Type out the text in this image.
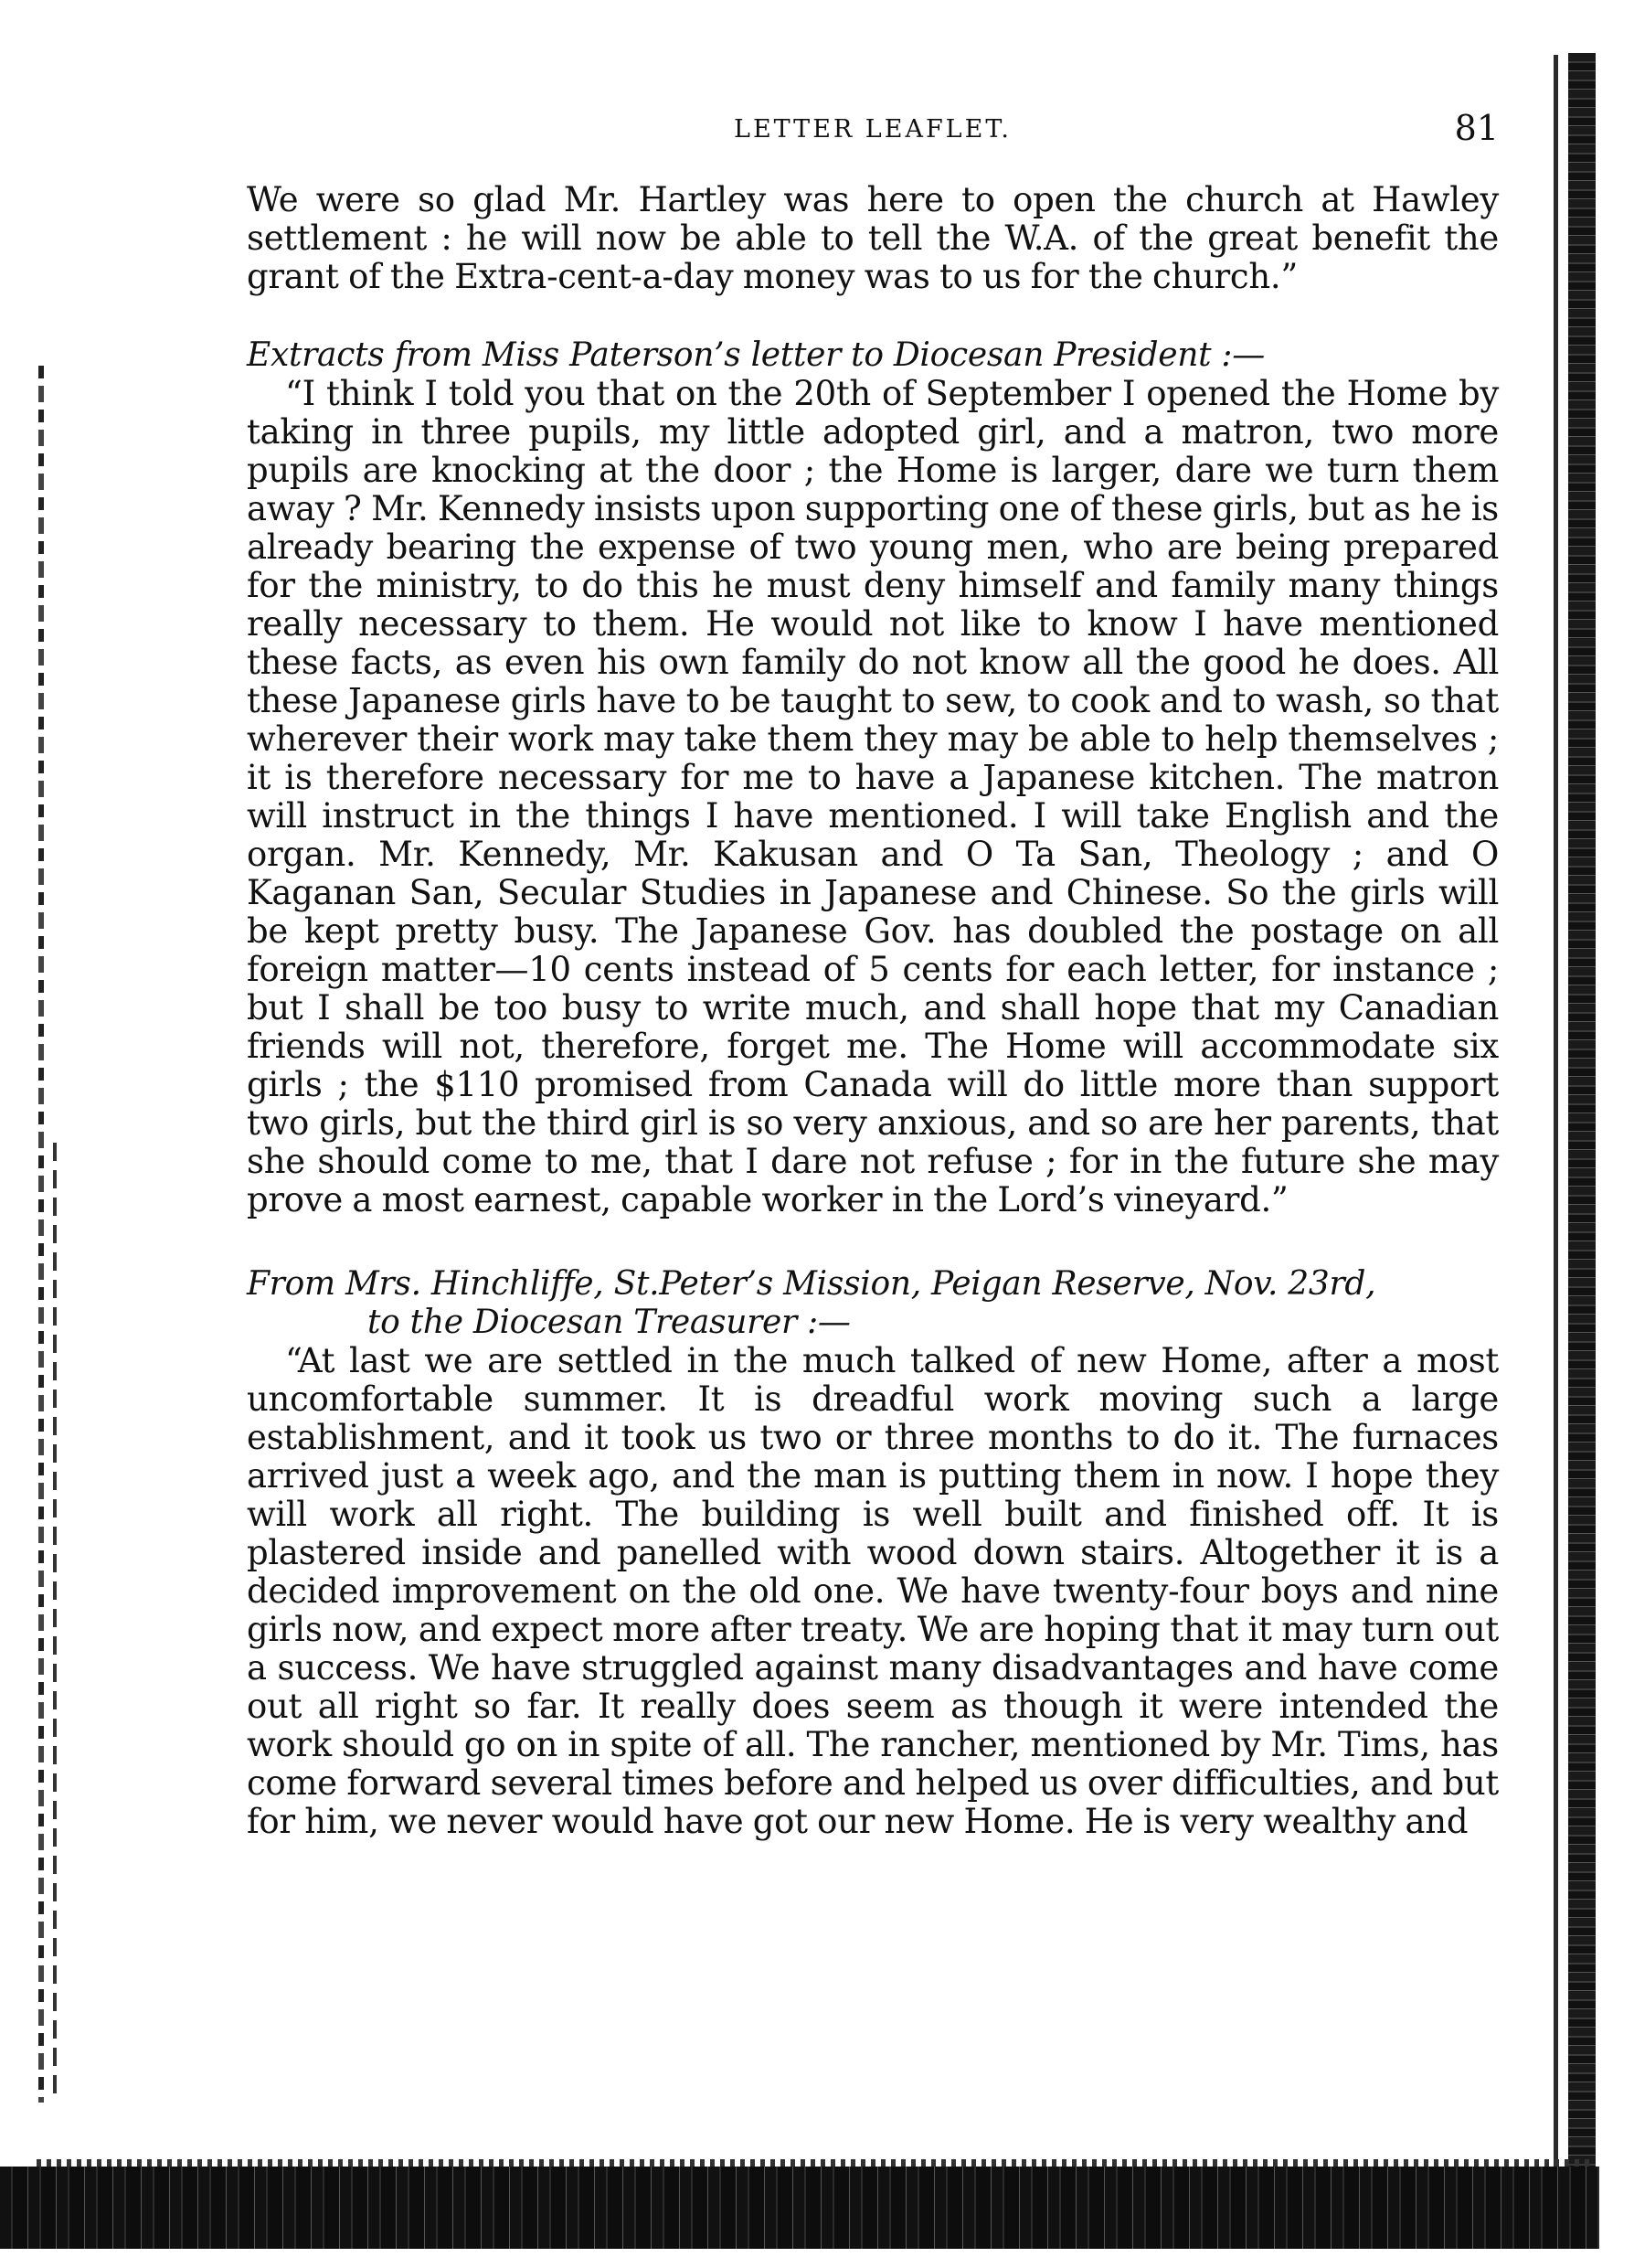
LETTER LEAFLET.	81

We were so glad Mr. Hartley was here to open the church at Hawley settlement : he will now be able to tell the W.A. of the great benefit the grant of the Extra-cent-a-day money was to us for the church.”

Extracts from Miss Paterson’s letter to Diocesan President :—

“I think I told you that on the 20th of September I opened the Home by taking in three pupils, my little adopted girl, and a matron, two more pupils are knocking at the door ; the Home is larger, dare we turn them away ? Mr. Kennedy insists upon supporting one of these girls, but as he is already bearing the expense of two young men, who are being prepared for the ministry, to do this he must deny himself and family many things really necessary to them. He would not like to know I have mentioned these facts, as even his own family do not know all the good he does. All these Japanese girls have to be taught to sew, to cook and to wash, so that wherever their work may take them they may be able to help themselves ; it is therefore necessary for me to have a Japanese kitchen. The matron will instruct in the things I have mentioned. I will take English and the organ. Mr. Kennedy, Mr. Kakusan and O Ta San, Theology ; and O Kaganan San, Secular Studies in Japanese and Chinese. So the girls will be kept pretty busy. The Japanese Gov. has doubled the postage on all foreign matter—10 cents instead of 5 cents for each letter, for instance ; but I shall be too busy to write much, and shall hope that my Canadian friends will not, therefore, forget me. The Home will accommodate six girls ; the $110 promised from Canada will do little more than support two girls, but the third girl is so very anxious, and so are her parents, that she should come to me, that I dare not refuse ; for in the future she may prove a most earnest, capable worker in the Lord’s vineyard.”

From Mrs. Hinchliffe, St.Peter’s Mission, Peigan Reserve, Nov. 23rd,
to the Diocesan Treasurer :—

“At last we are settled in the much talked of new Home, after a most uncomfortable summer. It is dreadful work moving such a large establishment, and it took us two or three months to do it. The furnaces arrived just a week ago, and the man is putting them in now. I hope they will work all right. The building is well built and finished off. It is plastered inside and panelled with wood down stairs. Altogether it is a decided improvement on the old one. We have twenty-four boys and nine girls now, and expect more after treaty. We are hoping that it may turn out a success. We have struggled against many disadvantages and have come out all right so far. It really does seem as though it were intended the work should go on in spite of all. The rancher, mentioned by Mr. Tims, has come forward several times before and helped us over difficulties, and but for him, we never would have got our new Home. He is very wealthy and
